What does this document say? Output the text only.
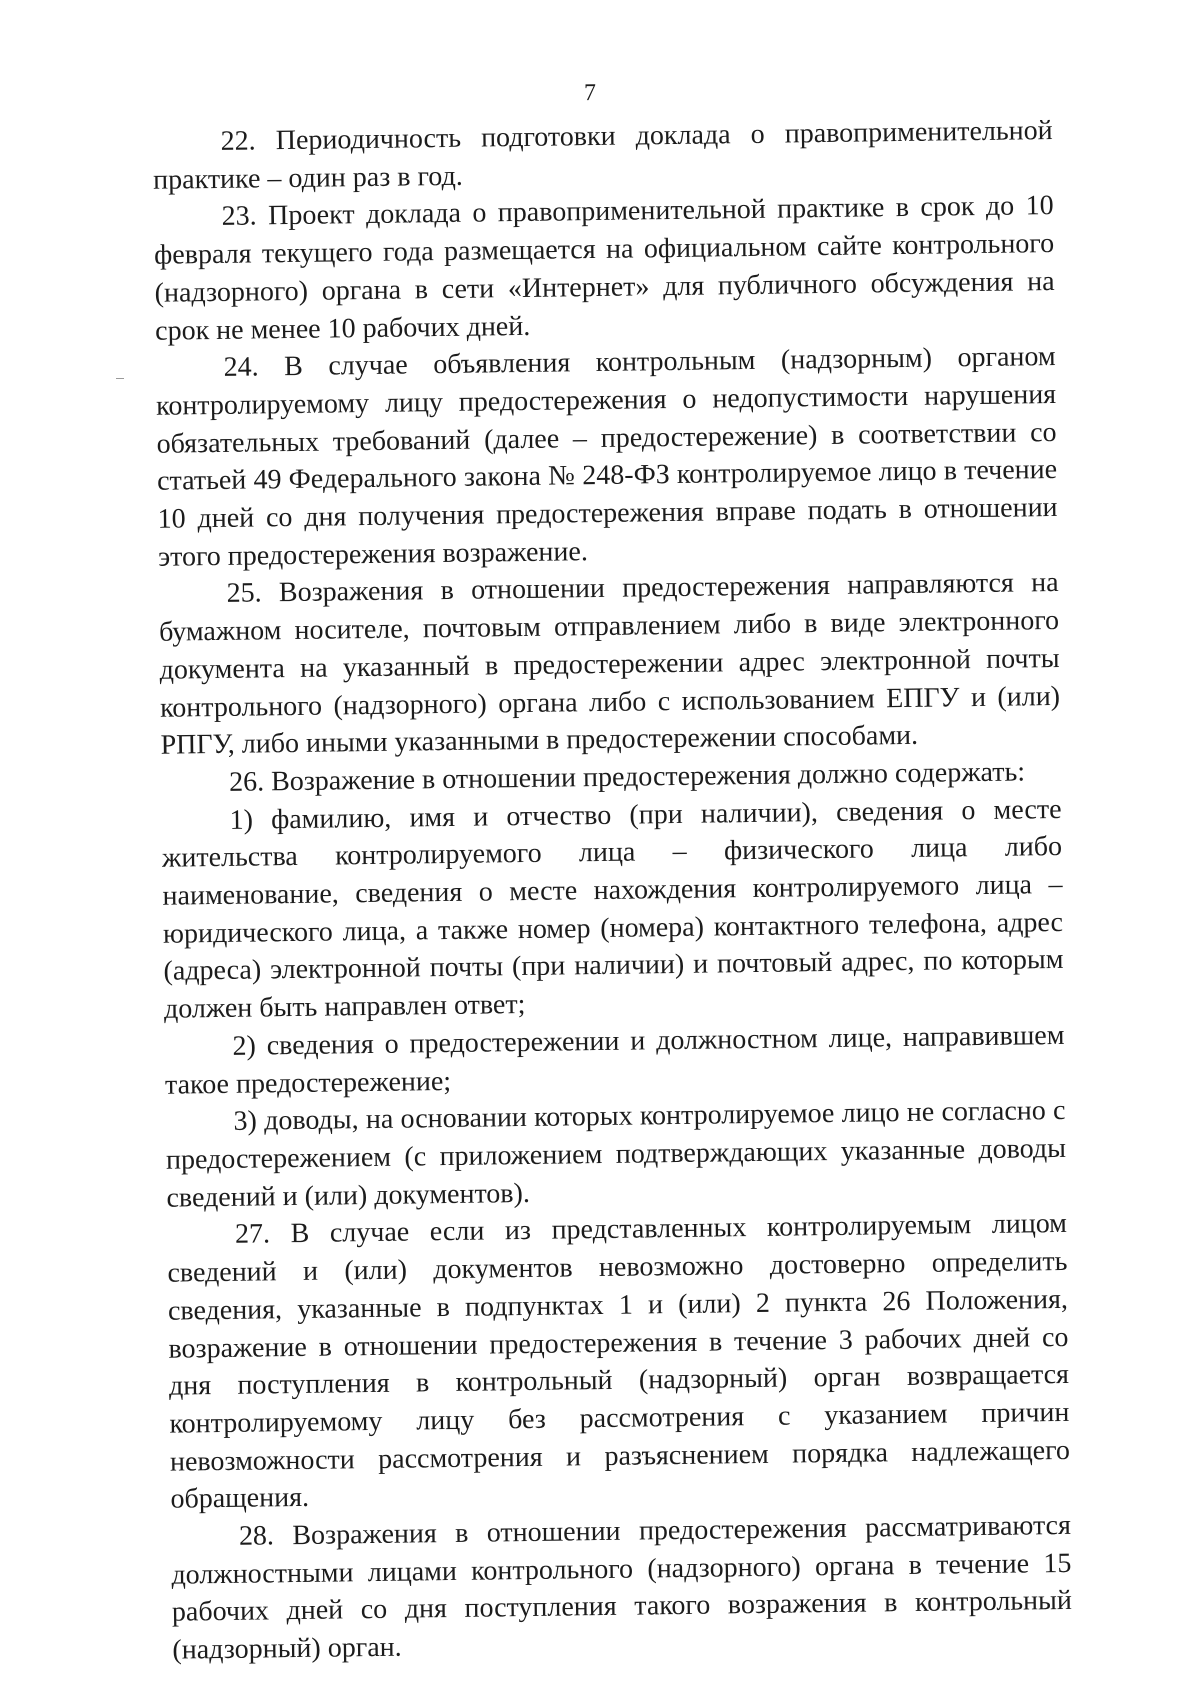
7

22. Периодичность подготовки доклада о правоприменительной практике – один раз в год.

23. Проект доклада о правоприменительной практике в срок до 10 февраля текущего года размещается на официальном сайте контрольного (надзорного) органа в сети «Интернет» для публичного обсуждения на срок не менее 10 рабочих дней.

24. В случае объявления контрольным (надзорным) органом контролируемому лицу предостережения о недопустимости нарушения обязательных требований (далее – предостережение) в соответствии со статьей 49 Федерального закона № 248-ФЗ контролируемое лицо в течение 10 дней со дня получения предостережения вправе подать в отношении этого предостережения возражение.

25. Возражения в отношении предостережения направляются на бумажном носителе, почтовым отправлением либо в виде электронного документа на указанный в предостережении адрес электронной почты контрольного (надзорного) органа либо с использованием ЕПГУ и (или) РПГУ, либо иными указанными в предостережении способами.

26. Возражение в отношении предостережения должно содержать:

1) фамилию, имя и отчество (при наличии), сведения о месте жительства контролируемого лица – физического лица либо наименование, сведения о месте нахождения контролируемого лица – юридического лица, а также номер (номера) контактного телефона, адрес (адреса) электронной почты (при наличии) и почтовый адрес, по которым должен быть направлен ответ;

2) сведения о предостережении и должностном лице, направившем такое предостережение;

3) доводы, на основании которых контролируемое лицо не согласно с предостережением (с приложением подтверждающих указанные доводы сведений и (или) документов).

27. В случае если из представленных контролируемым лицом сведений и (или) документов невозможно достоверно определить сведения, указанные в подпунктах 1 и (или) 2 пункта 26 Положения, возражение в отношении предостережения в течение 3 рабочих дней со дня поступления в контрольный (надзорный) орган возвращается контролируемому лицу без рассмотрения с указанием причин невозможности рассмотрения и разъяснением порядка надлежащего обращения.

28. Возражения в отношении предостережения рассматриваются должностными лицами контрольного (надзорного) органа в течение 15 рабочих дней со дня поступления такого возражения в контрольный (надзорный) орган.
